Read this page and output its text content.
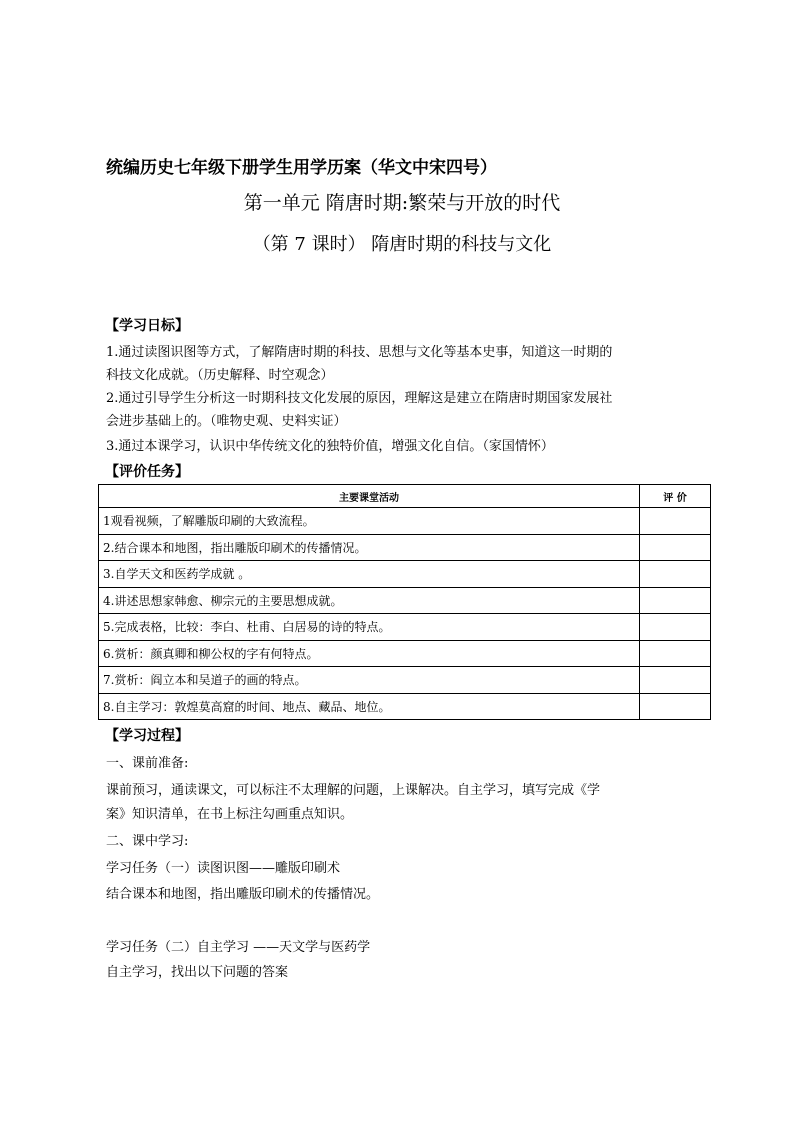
统编历史七年级下册学生用学历案（华文中宋四号）
第一单元 隋唐时期:繁荣与开放的时代
（第 7 课时） 隋唐时期的科技与文化
【学习日标】
1.通过读图识图等方式，了解隋唐时期的科技、思想与文化等基本史事，知道这一时期的
科技文化成就。（历史解释、时空观念）
2.通过引导学生分析这一时期科技文化发展的原因，理解这是建立在隋唐时期国家发展社
会进步基础上的。（唯物史观、史料实证）
3.通过本课学习，认识中华传统文化的独特价值，增强文化自信。（家国情怀）
【评价任务】
主要课堂活动	评 价
1观看视频，了解雕版印刷的大致流程。	
2.结合课本和地图，指出雕版印刷术的传播情况。	
3.自学天文和医药学成就 。	
4.讲述思想家韩愈、柳宗元的主要思想成就。	
5.完成表格，比较：李白、杜甫、白居易的诗的特点。	
6.赏析：颜真卿和柳公权的字有何特点。	
7.赏析：阎立本和吴道子的画的特点。	
8.自主学习：敦煌莫高窟的时间、地点、藏品、地位。	
【学习过程】
一、课前准备:
课前预习，通读课文，可以标注不太理解的问题，上课解决。自主学习，填写完成《学
案》知识清单，在书上标注勾画重点知识。
二、课中学习:
学习任务（一）读图识图——雕版印刷术
结合课本和地图，指出雕版印刷术的传播情况。
学习任务（二）自主学习 ——天文学与医药学
自主学习，找出以下问题的答案
